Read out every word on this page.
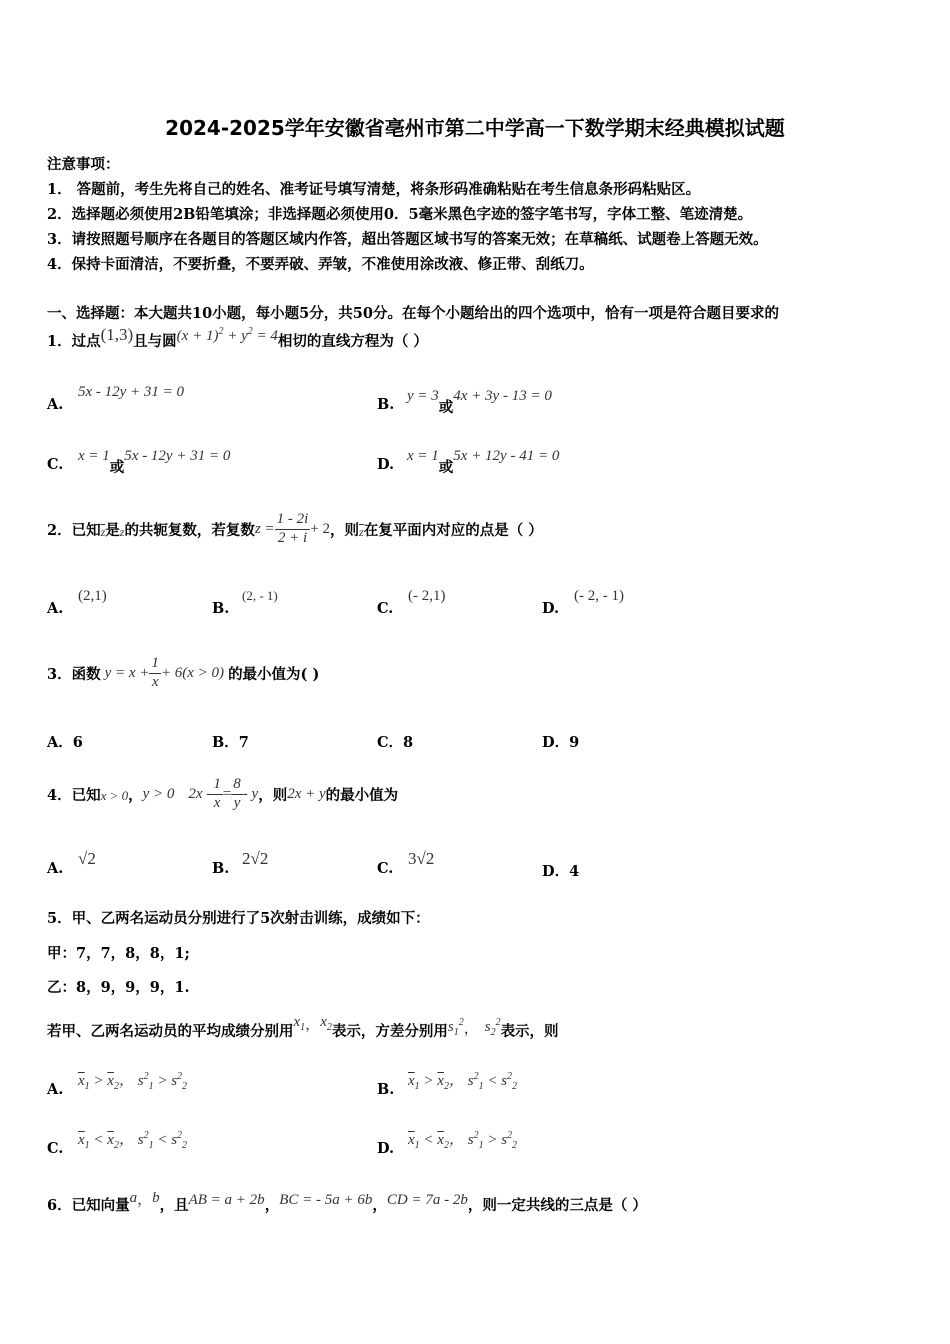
2024-2025学年安徽省亳州市第二中学高一下数学期末经典模拟试题
注意事项：
1． 答题前，考生先将自己的姓名、准考证号填写清楚，将条形码准确粘贴在考生信息条形码粘贴区。
2．选择题必须使用2B铅笔填涂；非选择题必须使用0．5毫米黑色字迹的签字笔书写，字体工整、笔迹清楚。
3．请按照题号顺序在各题目的答题区域内作答，超出答题区域书写的答案无效；在草稿纸、试题卷上答题无效。
4．保持卡面清洁，不要折叠，不要弄破、弄皱，不准使用涂改液、修正带、刮纸刀。
一、选择题：本大题共10小题，每小题5分，共50分。在每个小题给出的四个选项中，恰有一项是符合题目要求的
1．过点(1,3)且与圆$(x + 1)^2 + y^2 = 4$相切的直线方程为（ ）
A.
5x - 12y + 31 = 0
B. y = 3或4x + 3y - 13 = 0
C. x = 1或5x - 12y + 31 = 0	D. x = 1或5x + 12y - 41 = 0
2． 已知 $\overline{z}$ 是 z 的共轭复数，若复数 $z = \frac{1 - 2i}{2 + i} + 2$ ，则 $\overline{z}$ 在复平面内对应的点是（ ）
A.
(2,1)
B.
(2, - 1)
C.
(- 2,1)
D.
(- 2, - 1)
3． 函数 $y = x + \frac{1}{x} + 6(x > 0)$ 的最小值为( )
A．6	B．7	C．8	D．9
4． 已知 x > 0 ， y > 0 $2x - \frac{1}{x} = \frac{8}{y} - y$ ，则 2x + y 的最小值为
A.
√2
B.
2√2
C.
3√2
D．4
5．甲、乙两名运动员分别进行了5次射击训练，成绩如下：
甲：7，7，8，8，1;
乙：8，9，9，9，1.
若甲、乙两名运动员的平均成绩分别用
$x_1$ ， $x_2$ 表示，方差分别用 $s_1^2$ ， $s_2^2$
表示，则
A. $\overline{x}_1 > \overline{x}_2$， $s^2_1 > s^2_2$	B. $\overline{x}_1 > \overline{x}_2$， $s^2_1 < s^2_2$
C. $\overline{x}_1 < \overline{x}_2$， $s^2_1 < s^2_2$	D. $\overline{x}_1 < \overline{x}_2$， $s^2_1 > s^2_2$
6． 已知向量 a ， b ，且 AB = a + 2b ， BC = - 5a + 6b ， CD = 7a - 2b ，则一定共线的三点是（ ）
